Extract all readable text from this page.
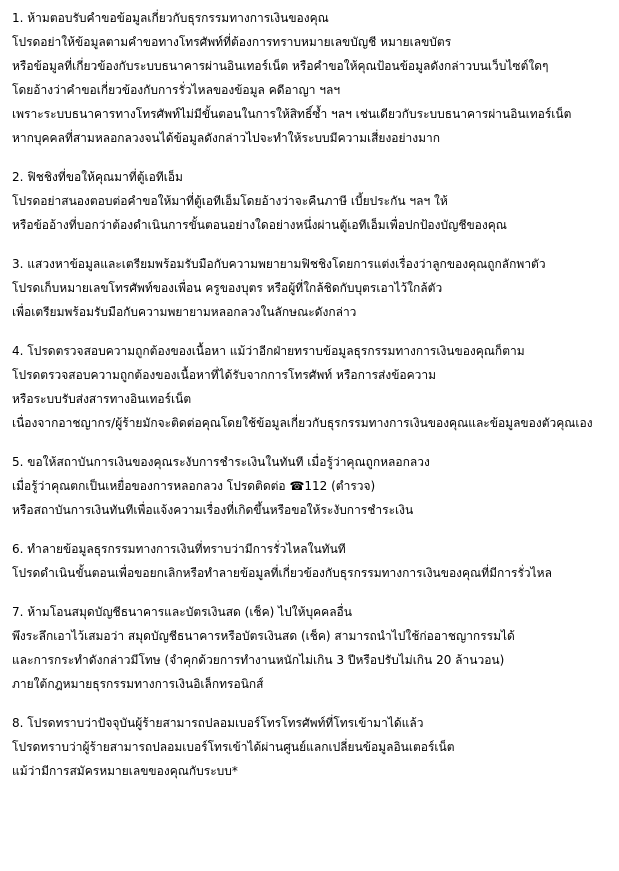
1. ห้ามตอบรับคำขอข้อมูลเกี่ยวกับธุรกรรมทางการเงินของคุณ
โปรดอย่าให้ข้อมูลตามคำขอทางโทรศัพท์ที่ต้องการทราบหมายเลขบัญชี หมายเลขบัตร
หรือข้อมูลที่เกี่ยวข้องกับระบบธนาคารผ่านอินเทอร์เน็ต หรือคำขอให้คุณป้อนข้อมูลดังกล่าวบนเว็บไซต์ใดๆ
โดยอ้างว่าคำขอเกี่ยวข้องกับการรั่วไหลของข้อมูล คดีอาญา ฯลฯ
เพราะระบบธนาคารทางโทรศัพท์ไม่มีขั้นตอนในการให้สิทธิ์ซ้ำ ฯลฯ เช่นเดียวกับระบบธนาคารผ่านอินเทอร์เน็ต
หากบุคคลที่สามหลอกลวงจนได้ข้อมูลดังกล่าวไปจะทำให้ระบบมีความเสี่ยงอย่างมาก
2. ฟิชชิงที่ขอให้คุณมาที่ตู้เอทีเอ็ม
โปรดอย่าสนองตอบต่อคำขอให้มาที่ตู้เอทีเอ็มโดยอ้างว่าจะคืนภาษี เบี้ยประกัน ฯลฯ ให้
หรือข้ออ้างที่บอกว่าต้องดำเนินการขั้นตอนอย่างใดอย่างหนึ่งผ่านตู้เอทีเอ็มเพื่อปกป้องบัญชีของคุณ
3. แสวงหาข้อมูลและเตรียมพร้อมรับมือกับความพยายามฟิชชิงโดยการแต่งเรื่องว่าลูกของคุณถูกลักพาตัว
โปรดเก็บหมายเลขโทรศัพท์ของเพื่อน ครูของบุตร หรือผู้ที่ใกล้ชิดกับบุตรเอาไว้ใกล้ตัว
เพื่อเตรียมพร้อมรับมือกับความพยายามหลอกลวงในลักษณะดังกล่าว
4. โปรดตรวจสอบความถูกต้องของเนื้อหา แม้ว่าอีกฝ่ายทราบข้อมูลธุรกรรมทางการเงินของคุณก็ตาม
โปรดตรวจสอบความถูกต้องของเนื้อหาที่ได้รับจากการโทรศัพท์ หรือการส่งข้อความ
หรือระบบรับส่งสารทางอินเทอร์เน็ต
เนื่องจากอาชญากร/ผู้ร้ายมักจะติดต่อคุณโดยใช้ข้อมูลเกี่ยวกับธุรกรรมทางการเงินของคุณและข้อมูลของตัวคุณเอง
5. ขอให้สถาบันการเงินของคุณระงับการชำระเงินในทันที เมื่อรู้ว่าคุณถูกหลอกลวง
เมื่อรู้ว่าคุณตกเป็นเหยื่อของการหลอกลวง โปรดติดต่อ ☎112 (ตำรวจ)
หรือสถาบันการเงินทันทีเพื่อแจ้งความเรื่องที่เกิดขึ้นหรือขอให้ระงับการชำระเงิน
6. ทำลายข้อมูลธุรกรรมทางการเงินที่ทราบว่ามีการรั่วไหลในทันที
โปรดดำเนินขั้นตอนเพื่อขอยกเลิกหรือทำลายข้อมูลที่เกี่ยวข้องกับธุรกรรมทางการเงินของคุณที่มีการรั่วไหล
7. ห้ามโอนสมุดบัญชีธนาคารและบัตรเงินสด (เช็ค) ไปให้บุคคลอื่น
พึงระลึกเอาไว้เสมอว่า สมุดบัญชีธนาคารหรือบัตรเงินสด (เช็ค) สามารถนำไปใช้ก่ออาชญากรรมได้
และการกระทำดังกล่าวมีโทษ (จำคุกด้วยการทำงานหนักไม่เกิน 3 ปีหรือปรับไม่เกิน 20 ล้านวอน)
ภายใต้กฎหมายธุรกรรมทางการเงินอิเล็กทรอนิกส์
8. โปรดทราบว่าปัจจุบันผู้ร้ายสามารถปลอมเบอร์โทรโทรศัพท์ที่โทรเข้ามาได้แล้ว
โปรดทราบว่าผู้ร้ายสามารถปลอมเบอร์โทรเข้าได้ผ่านศูนย์แลกเปลี่ยนข้อมูลอินเตอร์เน็ต
แม้ว่ามีการสมัครหมายเลขของคุณกับระบบ*
